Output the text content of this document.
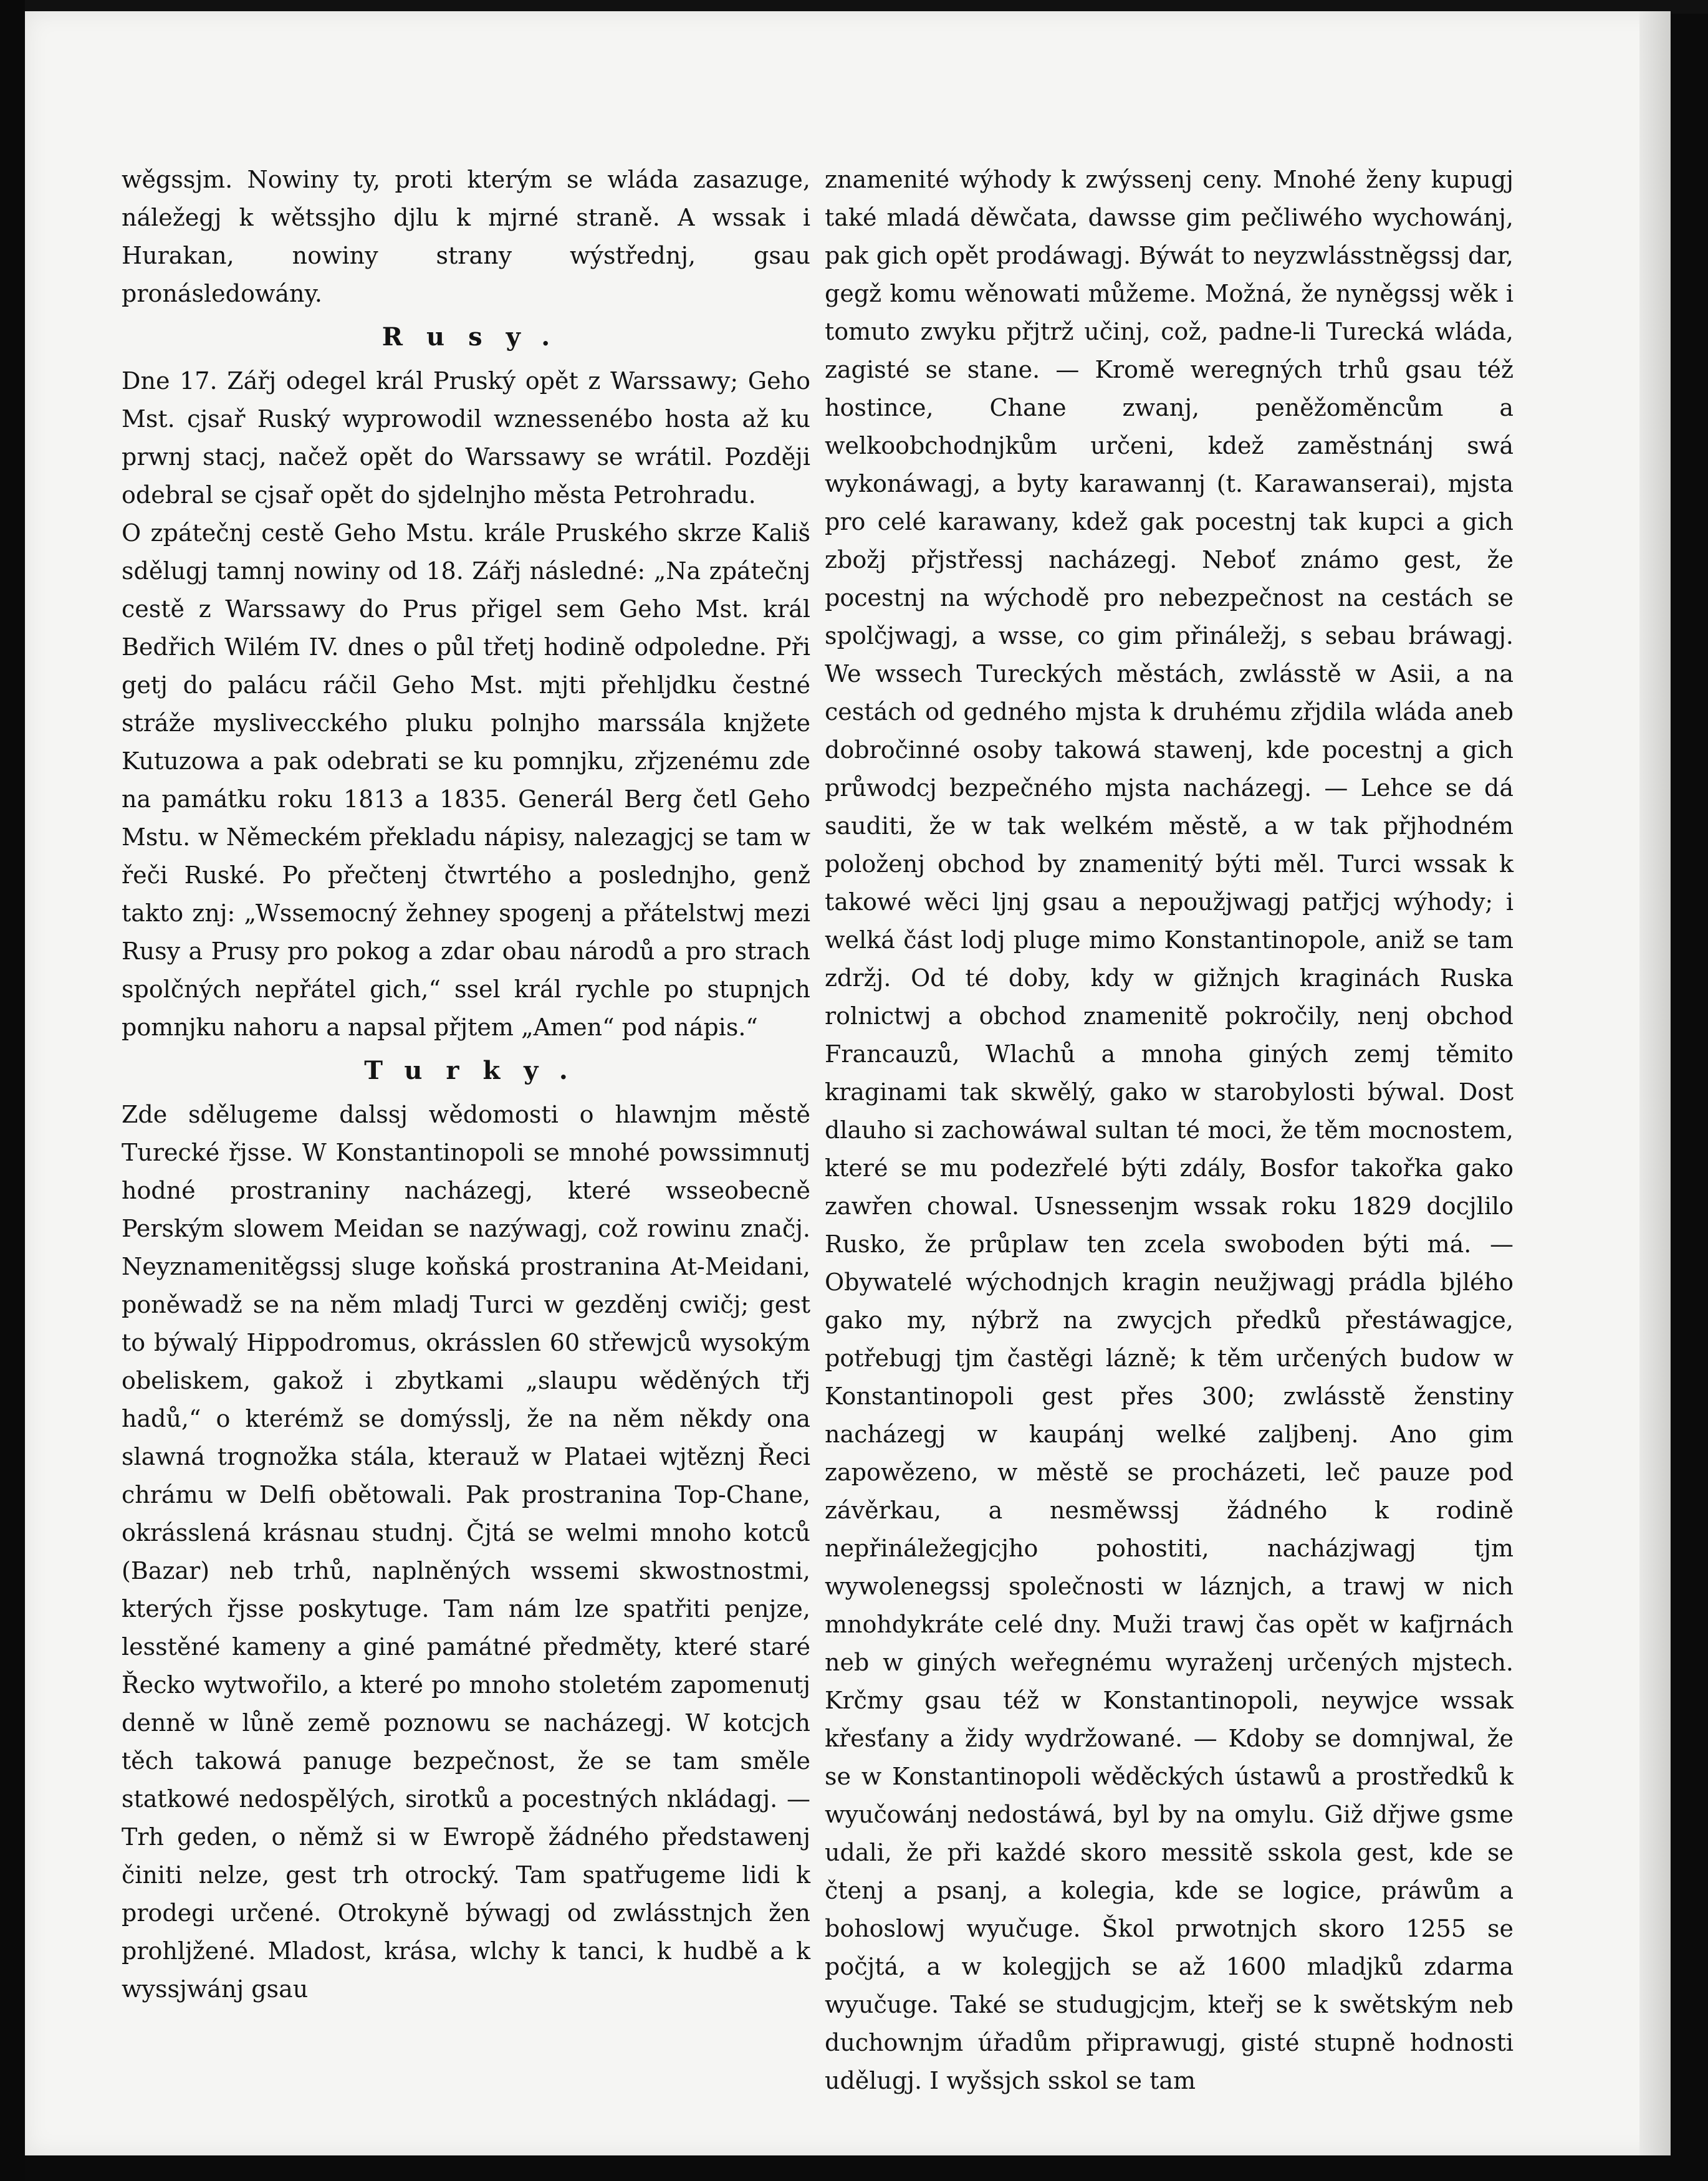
wěgssjm. Nowiny ty, proti kterým se wláda zasazuge, náležegj k wětssjho djlu k mjrné straně. A wssak i Hurakan, nowiny strany wýstřednj, gsau pronásledowány.

Rusy.

Dne 17. Zářj odegel král Pruský opět z Warssawy; Geho Mst. cjsař Ruský wyprowodil wznessenébo hosta až ku prwnj stacj, načež opět do Warssawy se wrátil. Později odebral se cjsař opět do sjdelnjho města Petrohradu.

O zpátečnj cestě Geho Mstu. krále Pruského skrze Kališ sdělugj tamnj nowiny od 18. Zářj následné: „Na zpátečnj cestě z Warssawy do Prus přigel sem Geho Mst. král Bedřich Wilém IV. dnes o půl třetj hodině odpoledne. Při getj do palácu ráčil Geho Mst. mjti přehljdku čestné stráže myslivecckého pluku polnjho marssála knjžete Kutuzowa a pak odebrati se ku pomnjku, zřjzenému zde na památku roku 1813 a 1835. Generál Berg četl Geho Mstu. w Německém překladu nápisy, nalezagjcj se tam w řeči Ruské. Po přečtenj čtwrtého a poslednjho, genž takto znj: „Wssemocný žehney spogenj a přátelstwj mezi Rusy a Prusy pro pokog a zdar obau národů a pro strach spolčných nepřátel gich,“ ssel král rychle po stupnjch pomnjku nahoru a napsal přjtem „Amen“ pod nápis.“

Turky.

Zde sdělugeme dalssj wědomosti o hlawnjm městě Turecké řjsse. W Konstantinopoli se mnohé powssimnutj hodné prostraniny nacházegj, které wsseobecně Perským slowem Meidan se nazýwagj, což rowinu značj. Neyznamenitěgssj sluge koňská prostranina At-Meidani, poněwadž se na něm mladj Turci w gezděnj cwičj; gest to býwalý Hippodromus, okrásslen 60 střewjců wysokým obeliskem, gakož i zbytkami „slaupu wěděných třj hadů,“ o kterémž se domýsslj, že na něm někdy ona slawná trognožka stála, kterauž w Plataei wjtěznj Řeci chrámu w Delfi obětowali. Pak prostranina Top-Chane, okrásslená krásnau studnj. Čjtá se welmi mnoho kotců (Bazar) neb trhů, naplněných wssemi skwostnostmi, kterých řjsse poskytuge. Tam nám lze spatřiti penjze, lesstěné kameny a giné památné předměty, které staré Řecko wytwořilo, a které po mnoho stoletém zapomenutj denně w lůně země poznowu se nacházegj. W kotcjch těch takowá panuge bezpečnost, že se tam směle statkowé nedospělých, sirotků a pocestných nkládagj. — Trh geden, o němž si w Ewropě žádného předstawenj činiti nelze, gest trh otrocký. Tam spatřugeme lidi k prodegi určené. Otrokyně býwagj od zwlásstnjch žen prohljžené. Mladost, krása, wlchy k tanci, k hudbě a k wyssjwánj gsau

znamenité wýhody k zwýssenj ceny. Mnohé ženy kupugj také mladá děwčata, dawsse gim pečliwého wychowánj, pak gich opět prodáwagj. Býwát to neyzwlásstněgssj dar, gegž komu wěnowati můžeme. Možná, že nyněgssj wěk i tomuto zwyku přjtrž učinj, což, padne-li Turecká wláda, zagisté se stane. — Kromě weregných trhů gsau též hostince, Chane zwanj, peněžoměncům a welkoobchodnjkům určeni, kdež zaměstnánj swá wykonáwagj, a byty karawannj (t. Karawanserai), mjsta pro celé karawany, kdež gak pocestnj tak kupci a gich zbožj přjstřessj nacházegj. Neboť známo gest, že pocestnj na wýchodě pro nebezpečnost na cestách se spolčjwagj, a wsse, co gim přináležj, s sebau bráwagj. We wssech Tureckých městách, zwlásstě w Asii, a na cestách od gedného mjsta k druhému zřjdila wláda aneb dobročinné osoby takowá stawenj, kde pocestnj a gich průwodcj bezpečného mjsta nacházegj. — Lehce se dá sauditi, že w tak welkém městě, a w tak přjhodném položenj obchod by znamenitý býti měl. Turci wssak k takowé wěci ljnj gsau a nepoužjwagj patřjcj wýhody; i welká část lodj pluge mimo Konstantinopole, aniž se tam zdržj. Od té doby, kdy w gižnjch kraginách Ruska rolnictwj a obchod znamenitě pokročily, nenj obchod Francauzů, Wlachů a mnoha giných zemj těmito kraginami tak skwělý, gako w starobylosti býwal. Dost dlauho si zachowáwal sultan té moci, že těm mocnostem, které se mu podezřelé býti zdály, Bosfor takořka gako zawřen chowal. Usnessenjm wssak roku 1829 docjlilo Rusko, že průplaw ten zcela swoboden býti má. — Obywatelé wýchodnjch kragin neužjwagj prádla bjlého gako my, nýbrž na zwycjch předků přestáwagjce, potřebugj tjm častěgi lázně; k těm určených budow w Konstantinopoli gest přes 300; zwlásstě ženstiny nacházegj w kaupánj welké zaljbenj. Ano gim zapowězeno, w městě se procházeti, leč pauze pod závěrkau, a nesměwssj žádného k rodině nepřináležegjcjho pohostiti, nacházjwagj tjm wywolenegssj společnosti w láznjch, a trawj w nich mnohdykráte celé dny. Muži trawj čas opět w kafjrnách neb w giných weřegnému wyraženj určených mjstech. Krčmy gsau též w Konstantinopoli, neywjce wssak křesťany a židy wydržowané. — Kdoby se domnjwal, že se w Konstantinopoli wěděckých ústawů a prostředků k wyučowánj nedostáwá, byl by na omylu. Giž dřjwe gsme udali, že při každé skoro messitě sskola gest, kde se čtenj a psanj, a kolegia, kde se logice, práwům a bohoslowj wyučuge. Škol prwotnjch skoro 1255 se počjtá, a w kolegjjch se až 1600 mladjků zdarma wyučuge. Také se studugjcjm, kteřj se k swětským neb duchownjm úřadům připrawugj, gisté stupně hodnosti udělugj. I wyšsjch sskol se tam
